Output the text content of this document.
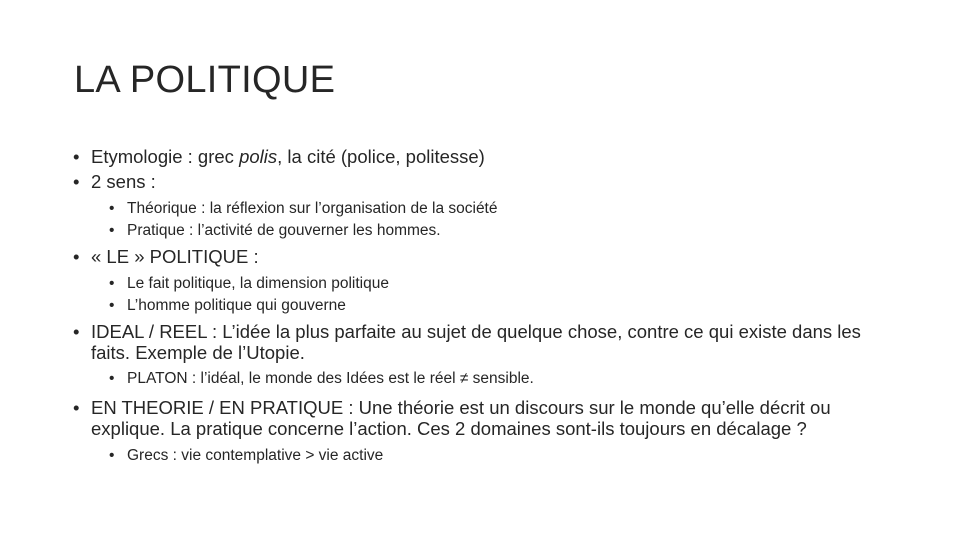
LA POLITIQUE
• Etymologie : grec polis, la cité (police, politesse)
• 2 sens :
• Théorique : la réflexion sur l’organisation de la société
• Pratique : l’activité de gouverner les hommes.
• « LE » POLITIQUE :
• Le fait politique, la dimension politique
• L’homme politique qui gouverne
• IDEAL / REEL : L’idée la plus parfaite au sujet de quelque chose, contre ce qui existe dans les faits. Exemple de l’Utopie.
• PLATON : l’idéal, le monde des Idées est le réel ≠ sensible.
• EN THEORIE / EN PRATIQUE : Une théorie est un discours sur le monde qu’elle décrit ou explique. La pratique concerne l’action. Ces 2 domaines sont-ils toujours en décalage ?
• Grecs : vie contemplative > vie active
